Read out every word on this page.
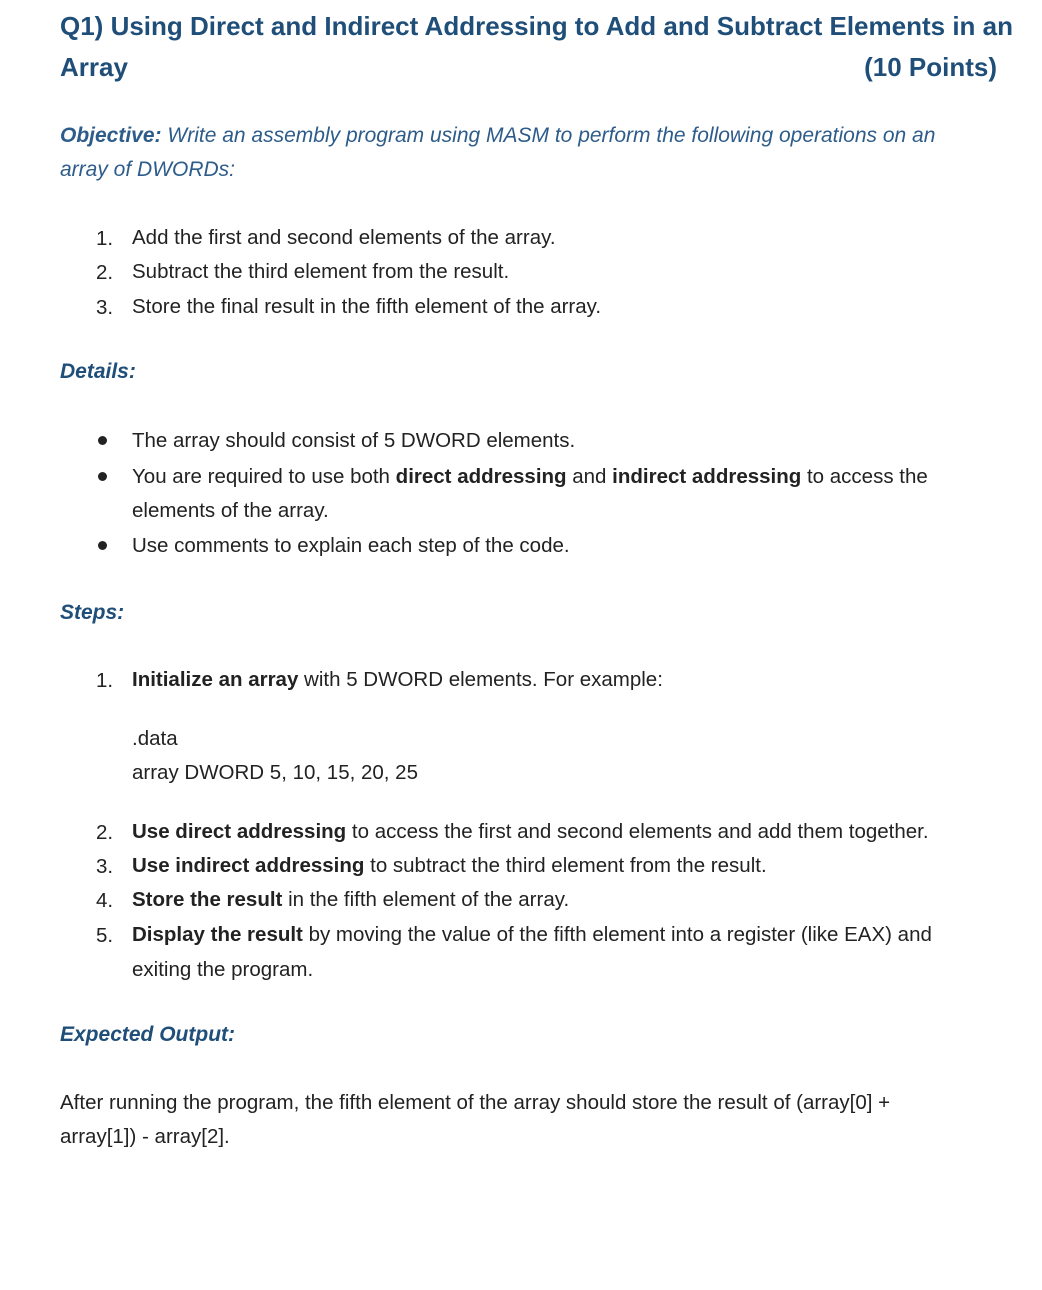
Q1) Using Direct and Indirect Addressing to Add and Subtract Elements in an
Array	(10 Points)
Objective: Write an assembly program using MASM to perform the following operations on an
array of DWORDs:
1. Add the first and second elements of the array.
2. Subtract the third element from the result.
3. Store the final result in the fifth element of the array.
Details:
The array should consist of 5 DWORD elements.
You are required to use both direct addressing and indirect addressing to access the
elements of the array.
Use comments to explain each step of the code.
Steps:
1. Initialize an array with 5 DWORD elements. For example:
.data
array DWORD 5, 10, 15, 20, 25
2. Use direct addressing to access the first and second elements and add them together.
3. Use indirect addressing to subtract the third element from the result.
4. Store the result in the fifth element of the array.
5. Display the result by moving the value of the fifth element into a register (like EAX) and
exiting the program.
Expected Output:
After running the program, the fifth element of the array should store the result of (array[0] +
array[1]) - array[2].
